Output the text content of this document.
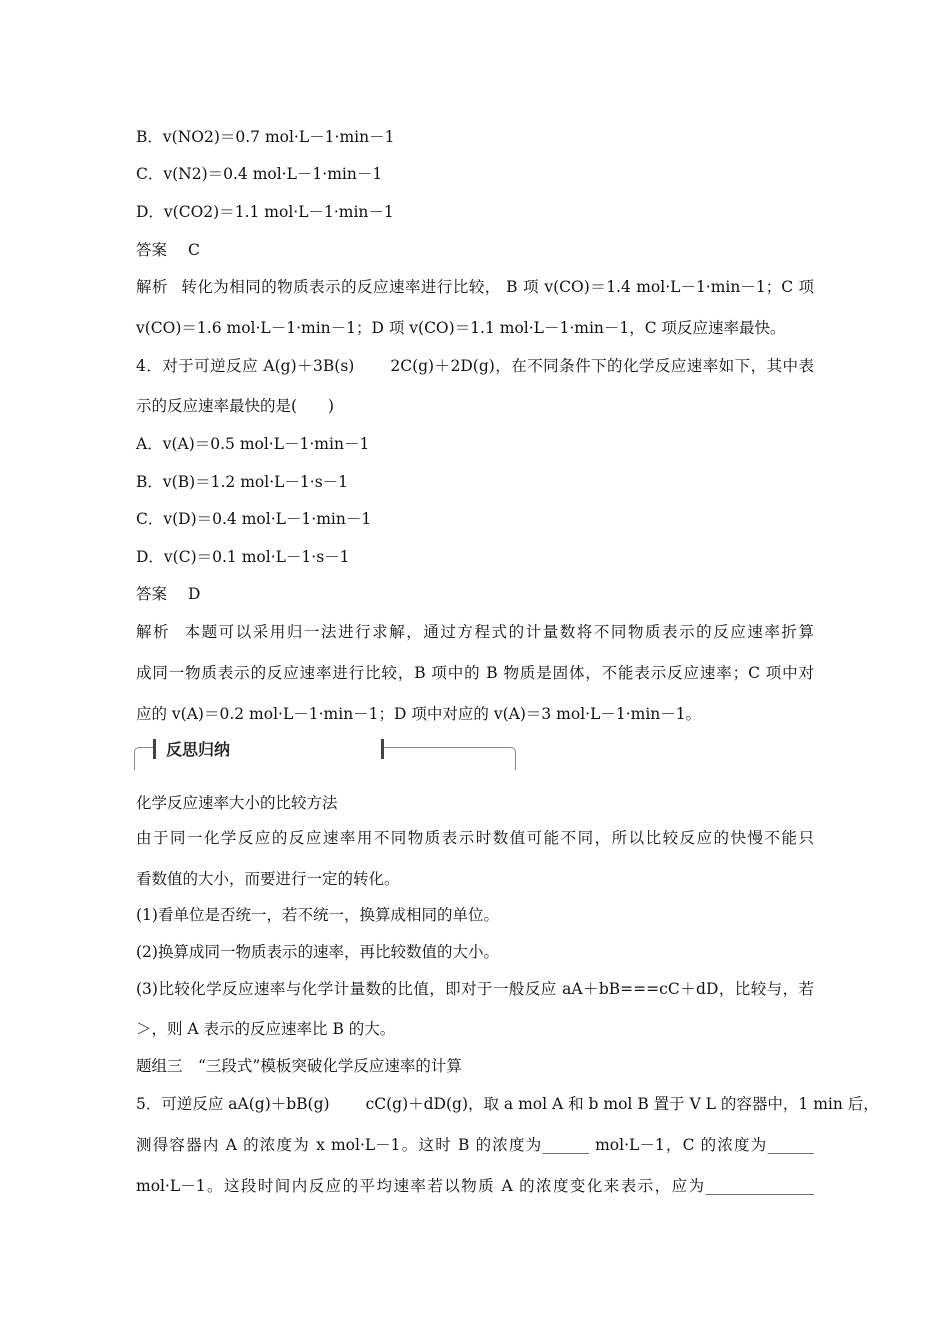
B．v(NO2)＝0.7 mol·L－1·min－1
C．v(N2)＝0.4 mol·L－1·min－1
D．v(CO2)＝1.1 mol·L－1·min－1
答案 C
解析 转化为相同的物质表示的反应速率进行比较， B 项 v(CO)＝1.4 mol·L－1·min－1；C 项
v(CO)＝1.6 mol·L－1·min－1；D 项 v(CO)＝1.1 mol·L－1·min－1，C 项反应速率最快。
4．对于可逆反应 A(g)＋3B(s) 2C(g)＋2D(g)，在不同条件下的化学反应速率如下，其中表
示的反应速率最快的是(　　)
A．v(A)＝0.5 mol·L－1·min－1
B．v(B)＝1.2 mol·L－1·s－1
C．v(D)＝0.4 mol·L－1·min－1
D．v(C)＝0.1 mol·L－1·s－1
答案 D
解析 本题可以采用归一法进行求解，通过方程式的计量数将不同物质表示的反应速率折算
成同一物质表示的反应速率进行比较，B 项中的 B 物质是固体，不能表示反应速率；C 项中对
应的 v(A)＝0.2 mol·L－1·min－1；D 项中对应的 v(A)＝3 mol·L－1·min－1。
反思归纳
化学反应速率大小的比较方法
由于同一化学反应的反应速率用不同物质表示时数值可能不同，所以比较反应的快慢不能只
看数值的大小，而要进行一定的转化。
(1)看单位是否统一，若不统一，换算成相同的单位。
(2)换算成同一物质表示的速率，再比较数值的大小。
(3)比较化学反应速率与化学计量数的比值，即对于一般反应 aA＋bB===cC＋dD，比较与，若
＞，则 A 表示的反应速率比 B 的大。
题组三　“三段式”模板突破化学反应速率的计算
5．可逆反应 aA(g)＋bB(g) cC(g)＋dD(g)，取 a mol A 和 b mol B 置于 V L 的容器中，1 min 后，
测得容器内 A 的浓度为 x mol·L－1。这时 B 的浓度为______ mol·L－1，C 的浓度为______
mol·L－1。这段时间内反应的平均速率若以物质 A 的浓度变化来表示，应为______________
